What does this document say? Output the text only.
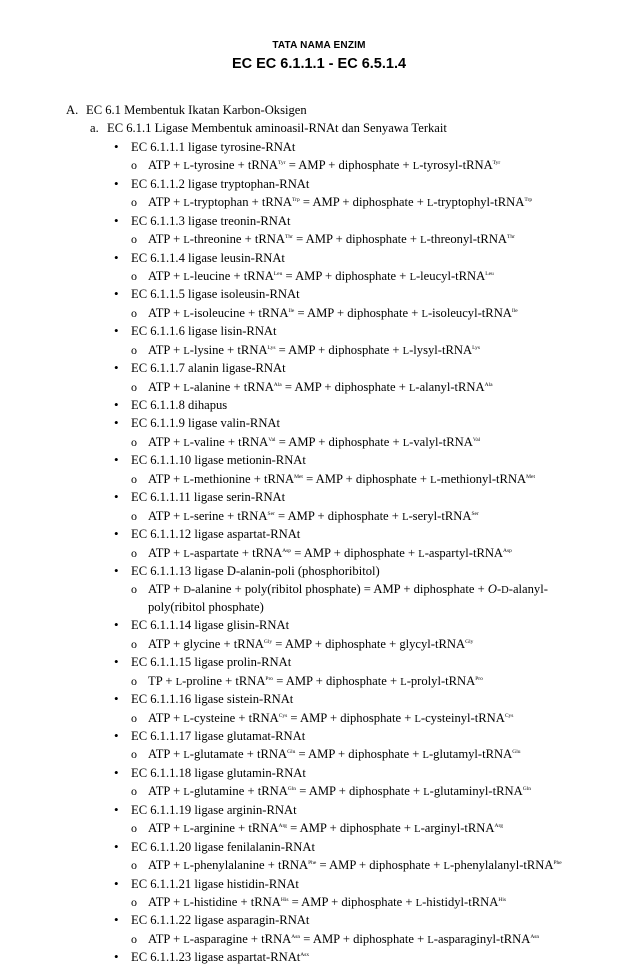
TATA NAMA ENZIM
EC EC 6.1.1.1 - EC 6.5.1.4
A. EC 6.1 Membentuk Ikatan Karbon-Oksigen
a. EC 6.1.1 Ligase Membentuk aminoasil-RNAt dan Senyawa Terkait
• EC 6.1.1.1 ligase tyrosine-RNAt
o ATP + L-tyrosine + tRNA$^{Tyr}$ = AMP + diphosphate + L-tyrosyl-tRNA$^{Tyr}$
• EC 6.1.1.2 ligase tryptophan-RNAt
o ATP + L-tryptophan + tRNA$^{Trp}$ = AMP + diphosphate + L-tryptophyl-tRNA$^{Trp}$
• EC 6.1.1.3 ligase treonin-RNAt
o ATP + L-threonine + tRNA$^{Thr}$ = AMP + diphosphate + L-threonyl-tRNA$^{Thr}$
• EC 6.1.1.4 ligase leusin-RNAt
o ATP + L-leucine + tRNA$^{Leu}$ = AMP + diphosphate + L-leucyl-tRNA$^{Leu}$
• EC 6.1.1.5 ligase isoleusin-RNAt
o ATP + L-isoleucine + tRNA$^{Ile}$ = AMP + diphosphate + L-isoleucyl-tRNA$^{Ile}$
• EC 6.1.1.6 ligase lisin-RNAt
o ATP + L-lysine + tRNA$^{Lys}$ = AMP + diphosphate + L-lysyl-tRNA$^{Lys}$
• EC 6.1.1.7 alanin ligase-RNAt
o ATP + L-alanine + tRNA$^{Ala}$ = AMP + diphosphate + L-alanyl-tRNA$^{Ala}$
• EC 6.1.1.8 dihapus
• EC 6.1.1.9 ligase valin-RNAt
o ATP + L-valine + tRNA$^{Val}$ = AMP + diphosphate + L-valyl-tRNA$^{Val}$
• EC 6.1.1.10 ligase metionin-RNAt
o ATP + L-methionine + tRNA$^{Met}$ = AMP + diphosphate + L-methionyl-tRNA$^{Met}$
• EC 6.1.1.11 ligase serin-RNAt
o ATP + L-serine + tRNA$^{Ser}$ = AMP + diphosphate + L-seryl-tRNA$^{Ser}$
• EC 6.1.1.12 ligase aspartat-RNAt
o ATP + L-aspartate + tRNA$^{Asp}$ = AMP + diphosphate + L-aspartyl-tRNA$^{Asp}$
• EC 6.1.1.13 ligase D-alanin-poli (phosphoribitol)
o ATP + D-alanine + poly(ribitol phosphate) = AMP + diphosphate + O-D-alanyl-
poly(ribitol phosphate)
• EC 6.1.1.14 ligase glisin-RNAt
o ATP + glycine + tRNA$^{Gly}$ = AMP + diphosphate + glycyl-tRNA$^{Gly}$
• EC 6.1.1.15 ligase prolin-RNAt
o TP + L-proline + tRNA$^{Pro}$ = AMP + diphosphate + L-prolyl-tRNA$^{Pro}$
• EC 6.1.1.16 ligase sistein-RNAt
o ATP + L-cysteine + tRNA$^{Cys}$ = AMP + diphosphate + L-cysteinyl-tRNA$^{Cys}$
• EC 6.1.1.17 ligase glutamat-RNAt
o ATP + L-glutamate + tRNA$^{Glu}$ = AMP + diphosphate + L-glutamyl-tRNA$^{Glu}$
• EC 6.1.1.18 ligase glutamin-RNAt
o ATP + L-glutamine + tRNA$^{Gln}$ = AMP + diphosphate + L-glutaminyl-tRNA$^{Gln}$
• EC 6.1.1.19 ligase arginin-RNAt
o ATP + L-arginine + tRNA$^{Arg}$ = AMP + diphosphate + L-arginyl-tRNA$^{Arg}$
• EC 6.1.1.20 ligase fenilalanin-RNAt
o ATP + L-phenylalanine + tRNA$^{Phe}$ = AMP + diphosphate + L-phenylalanyl-tRNA$^{Phe}$
• EC 6.1.1.21 ligase histidin-RNAt
o ATP + L-histidine + tRNA$^{His}$ = AMP + diphosphate + L-histidyl-tRNA$^{His}$
• EC 6.1.1.22 ligase asparagin-RNAt
o ATP + L-asparagine + tRNA$^{Asn}$ = AMP + diphosphate + L-asparaginyl-tRNA$^{Asn}$
• EC 6.1.1.23 ligase aspartat-RNAt$^{Asx}$
